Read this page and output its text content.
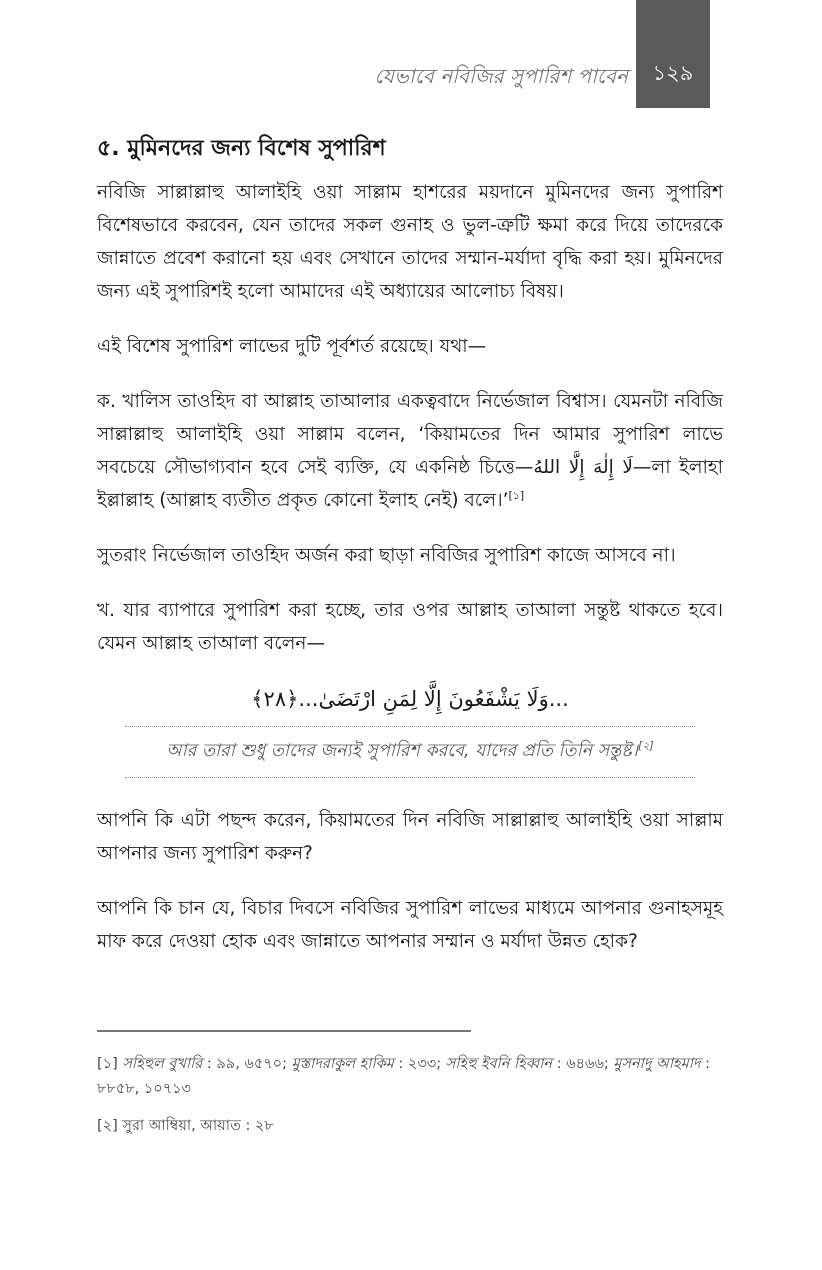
যেভাবে নবিজির সুপারিশ পাবেন ১২৯
৫. মুমিনদের জন্য বিশেষ সুপারিশ

নবিজি সাল্লাল্লাহু আলাইহি ওয়া সাল্লাম হাশরের ময়দানে মুমিনদের জন্য সুপারিশ বিশেষভাবে করবেন, যেন তাদের সকল গুনাহ ও ভুল-ত্রুটি ক্ষমা করে দিয়ে তাদেরকে জান্নাতে প্রবেশ করানো হয় এবং সেখানে তাদের সম্মান-মর্যাদা বৃদ্ধি করা হয়। মুমিনদের জন্য এই সুপারিশই হলো আমাদের এই অধ্যায়ের আলোচ্য বিষয়।

এই বিশেষ সুপারিশ লাভের দুটি পূর্বশর্ত রয়েছে। যথা—

ক. খালিস তাওহিদ বা আল্লাহ তাআলার একত্ববাদে নির্ভেজাল বিশ্বাস। যেমনটা নবিজি সাল্লাল্লাহু আলাইহি ওয়া সাল্লাম বলেন, ‘কিয়ামতের দিন আমার সুপারিশ লাভে সবচেয়ে সৌভাগ্যবান হবে সেই ব্যক্তি, যে একনিষ্ঠ চিত্তে—لَا إِلٰهَ إِلَّا اللهُ—লা ইলাহা ইল্লাল্লাহ (আল্লাহ ব্যতীত প্রকৃত কোনো ইলাহ নেই) বলে।’[১]

সুতরাং নির্ভেজাল তাওহিদ অর্জন করা ছাড়া নবিজির সুপারিশ কাজে আসবে না।

খ. যার ব্যাপারে সুপারিশ করা হচ্ছে, তার ওপর আল্লাহ তাআলা সন্তুষ্ট থাকতে হবে। যেমন আল্লাহ তাআলা বলেন—

...وَلَا يَشْفَعُونَ إِلَّا لِمَنِ ارْتَضَىٰ...﴿٢٨﴾
আর তারা শুধু তাদের জন্যই সুপারিশ করবে, যাদের প্রতি তিনি সন্তুষ্ট।[২]

আপনি কি এটা পছন্দ করেন, কিয়ামতের দিন নবিজি সাল্লাল্লাহু আলাইহি ওয়া সাল্লাম আপনার জন্য সুপারিশ করুন?

আপনি কি চান যে, বিচার দিবসে নবিজির সুপারিশ লাভের মাধ্যমে আপনার গুনাহসমূহ মাফ করে দেওয়া হোক এবং জান্নাতে আপনার সম্মান ও মর্যাদা উন্নত হোক?

[১] সহিহুল বুখারি : ৯৯, ৬৫৭০; মুস্তাদরাকুল হাকিম : ২৩৩; সহিহু ইবনি হিব্বান : ৬৪৬৬; মুসনাদু আহমাদ : ৮৮৫৮, ১০৭১৩
[২] সুরা আম্বিয়া, আয়াত : ২৮
